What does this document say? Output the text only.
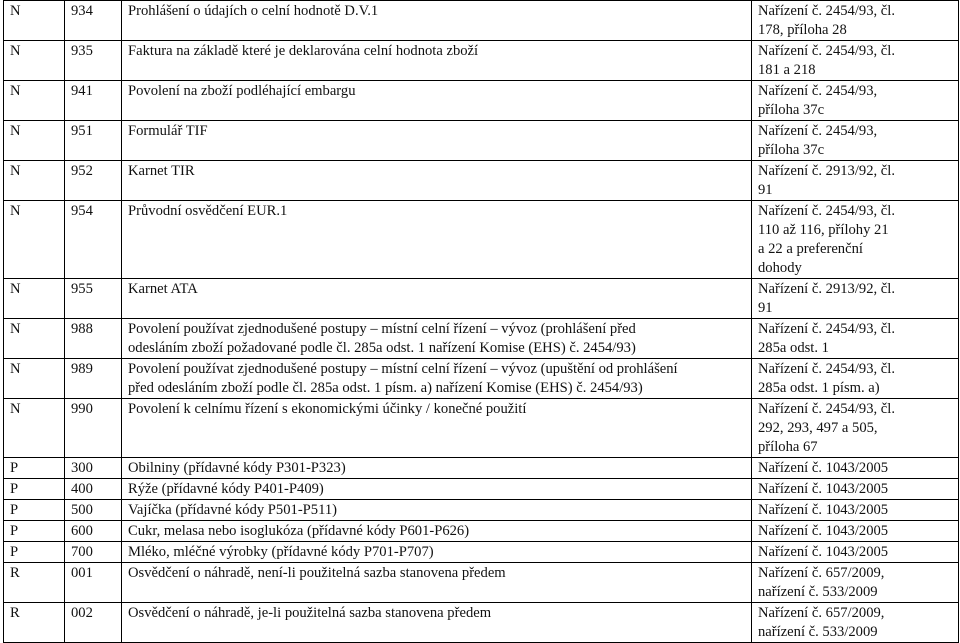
N	934	Prohlášení o údajích o celní hodnotě D.V.1	Nařízení č. 2454/93, čl.
178, příloha 28

N	935	Faktura na základě které je deklarována celní hodnota zboží	Nařízení č. 2454/93, čl.
181 a 218

N	941	Povolení na zboží podléhající embargu	Nařízení č. 2454/93,
příloha 37c

N	951	Formulář TIF	Nařízení č. 2454/93,
příloha 37c

N	952	Karnet TIR	Nařízení č. 2913/92, čl.
91

N	954	Průvodní osvědčení EUR.1	Nařízení č. 2454/93, čl.
110 až 116, přílohy 21
a 22 a preferenční
dohody

N	955	Karnet ATA	Nařízení č. 2913/92, čl.
91

N	988	Povolení používat zjednodušené postupy – místní celní řízení – vývoz (prohlášení před
odesláním zboží požadované podle čl. 285a odst. 1 nařízení Komise (EHS) č. 2454/93)	Nařízení č. 2454/93, čl.
285a odst. 1

N	989	Povolení používat zjednodušené postupy – místní celní řízení – vývoz (upuštění od prohlášení
před odesláním zboží podle čl. 285a odst. 1 písm. a) nařízení Komise (EHS) č. 2454/93)	Nařízení č. 2454/93, čl.
285a odst. 1 písm. a)

N	990	Povolení k celnímu řízení s ekonomickými účinky / konečné použití	Nařízení č. 2454/93, čl.
292, 293, 497 a 505,
příloha 67

P	300	Obilniny (přídavné kódy P301-P323)	Nařízení č. 1043/2005

P	400	Rýže (přídavné kódy P401-P409)	Nařízení č. 1043/2005

P	500	Vajíčka (přídavné kódy P501-P511)	Nařízení č. 1043/2005

P	600	Cukr, melasa nebo isoglukóza (přídavné kódy P601-P626)	Nařízení č. 1043/2005

P	700	Mléko, mléčné výrobky (přídavné kódy P701-P707)	Nařízení č. 1043/2005

R	001	Osvědčení o náhradě, není-li použitelná sazba stanovena předem	Nařízení č. 657/2009,
nařízení č. 533/2009

R	002	Osvědčení o náhradě, je-li použitelná sazba stanovena předem	Nařízení č. 657/2009,
nařízení č. 533/2009
